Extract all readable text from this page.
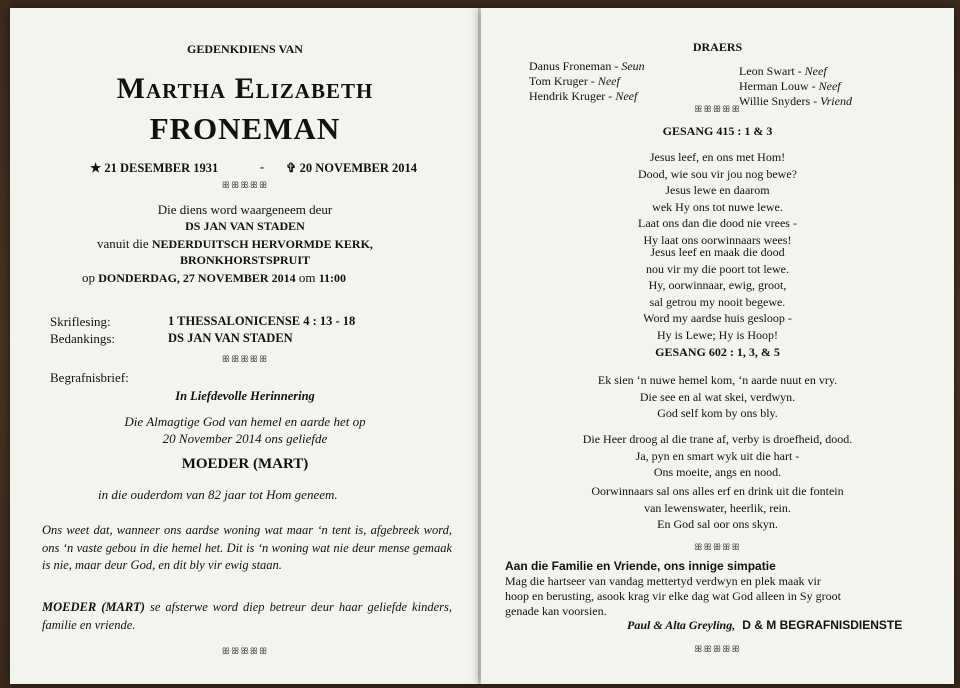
GEDENKDIENS VAN
Martha Elizabeth
FRONEMAN
★ 21 DESEMBER 1931	- ✞ 20 NOVEMBER 2014
ꕥꕥꕥꕥꕥ
Die diens word waargeneem deur
DS JAN VAN STADEN
vanuit die NEDERDUITSCH HERVORMDE KERK,
BRONKHORSTSPRUIT
op DONDERDAG, 27 NOVEMBER 2014 om 11:00
Skriflesing:	1 THESSALONICENSE 4 : 13 - 18
Bedankings:	DS JAN VAN STADEN
ꕥꕥꕥꕥꕥ
Begrafnisbrief:
In Liefdevolle Herinnering
Die Almagtige God van hemel en aarde het op
20 November 2014 ons geliefde
MOEDER (MART)
in die ouderdom van 82 jaar tot Hom geneem.
Ons weet dat, wanneer ons aardse woning wat maar ‘n tent is, afgebreek word, ons ‘n vaste gebou in die hemel het. Dit is ‘n woning wat nie deur mense gemaak is nie, maar deur God, en dit bly vir ewig staan.
MOEDER (MART) se afsterwe word diep betreur deur haar geliefde kinders, familie en vriende.
ꕥꕥꕥꕥꕥ
DRAERS
Danus Froneman - Seun
Tom Kruger - Neef
Hendrik Kruger - Neef
Leon Swart - Neef
Herman Louw - Neef
Willie Snyders - Vriend
ꕥꕥꕥꕥꕥ
GESANG 415 : 1 & 3
Jesus leef, en ons met Hom!
Dood, wie sou vir jou nog bewe?
Jesus lewe en daarom
wek Hy ons tot nuwe lewe.
Laat ons dan die dood nie vrees -
Hy laat ons oorwinnaars wees!
Jesus leef en maak die dood
nou vir my die poort tot lewe.
Hy, oorwinnaar, ewig, groot,
sal getrou my nooit begewe.
Word my aardse huis gesloop -
Hy is Lewe; Hy is Hoop!
GESANG 602 : 1, 3, & 5
Ek sien ‘n nuwe hemel kom, ‘n aarde nuut en vry.
Die see en al wat skei, verdwyn.
God self kom by ons bly.
Die Heer droog al die trane af, verby is droefheid, dood.
Ja, pyn en smart wyk uit die hart -
Ons moeite, angs en nood.
Oorwinnaars sal ons alles erf en drink uit die fontein
van lewenswater, heerlik, rein.
En God sal oor ons skyn.
ꕥꕥꕥꕥꕥ
Aan die Familie en Vriende, ons innige simpatie
Mag die hartseer van vandag mettertyd verdwyn en plek maak vir
hoop en berusting, asook krag vir elke dag wat God alleen in Sy groot
genade kan voorsien.
Paul & Alta Greyling, D & M BEGRAFNISDIENSTE
ꕥꕥꕥꕥꕥ
